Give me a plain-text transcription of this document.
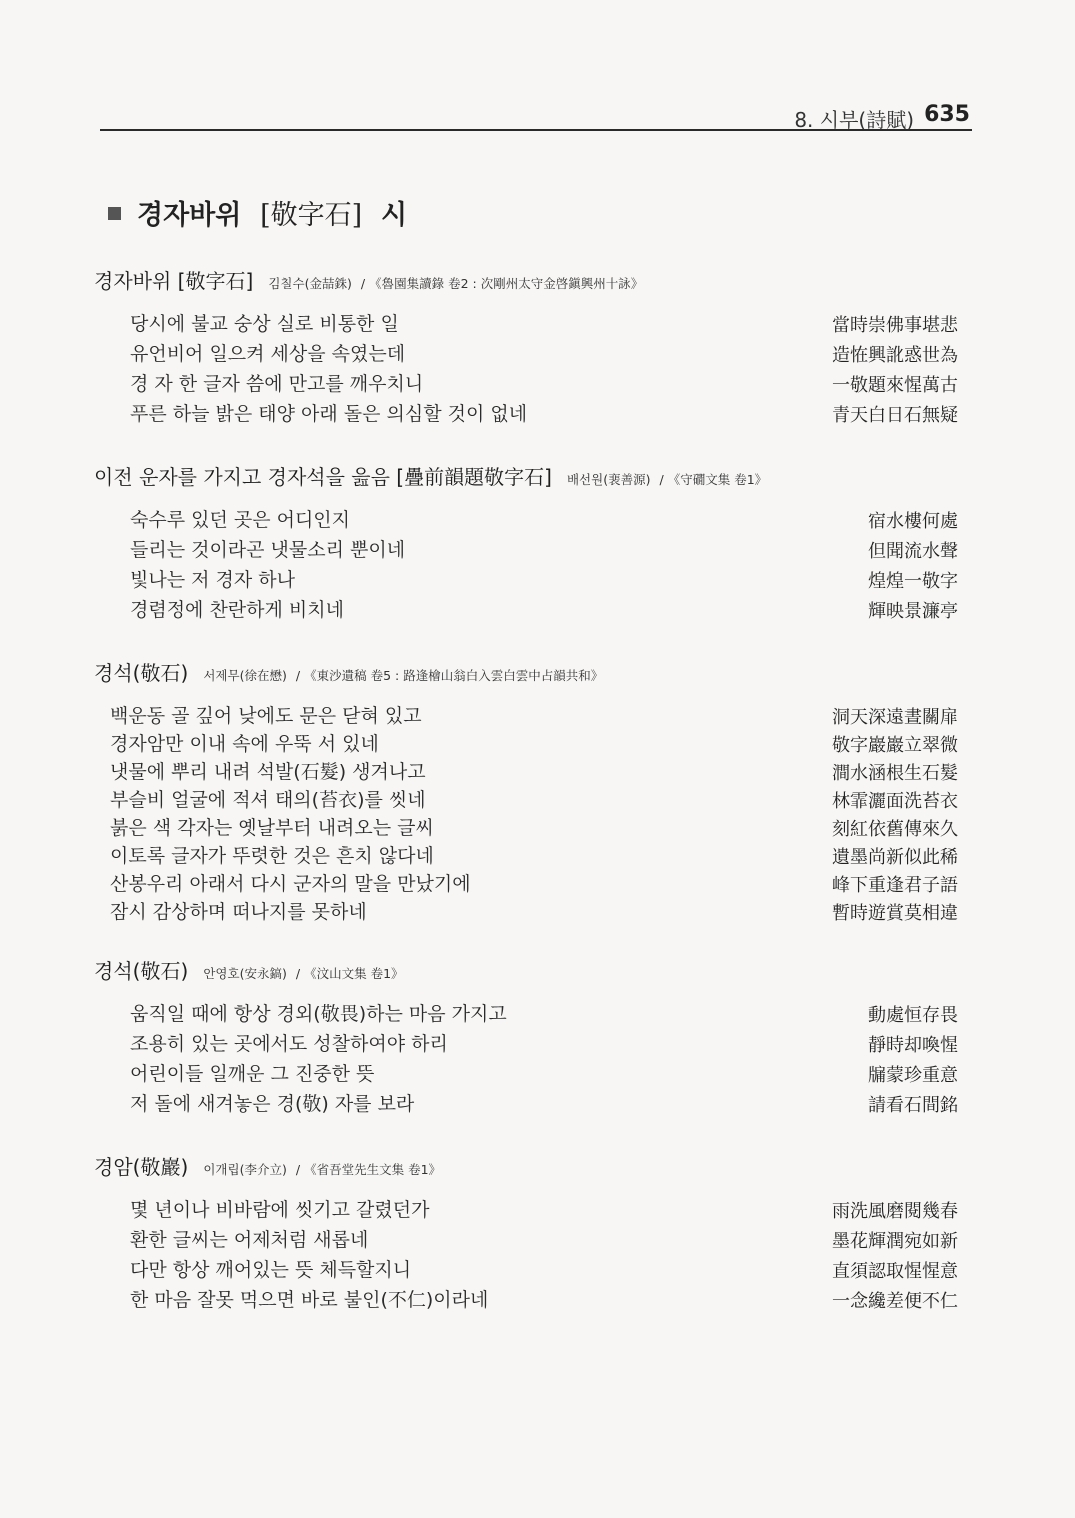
8. 시부(詩賦) 635
경자바위 [敬字石] 시
경자바위 [敬字石] 김칠수(金喆銖) / 《魯園集讀錄 卷2 : 次剛州太守金啓鎭興州十詠》
당시에 불교 숭상 실로 비통한 일	當時崇佛事堪悲
유언비어 일으켜 세상을 속였는데	造恠興訛惑世為
경 자 한 글자 씀에 만고를 깨우치니	一敬題來惺萬古
푸른 하늘 밝은 태양 아래 돌은 의심할 것이 없네	青天白日石無疑
이전 운자를 가지고 경자석을 읊음 [疊前韻題敬字石] 배선원(裵善源) / 《守礀文集 卷1》
숙수루 있던 곳은 어디인지	宿水樓何處
들리는 것이라곤 냇물소리 뿐이네	但聞流水聲
빛나는 저 경자 하나	煌煌一敬字
경렴정에 찬란하게 비치네	輝映景濂亭
경석(敬石) 서제무(徐在懋) / 《東沙遺稿 卷5 : 路逢檜山翁白入雲白雲中占韻共和》
백운동 골 깊어 낮에도 문은 닫혀 있고	洞天深遠晝關扉
경자암만 이내 속에 우뚝 서 있네	敬字巖巖立翠微
냇물에 뿌리 내려 석발(石髮) 생겨나고	澗水涵根生石髮
부슬비 얼굴에 적셔 태의(苔衣)를 씻네	林霏灑面洗苔衣
붉은 색 각자는 옛날부터 내려오는 글씨	刻紅依舊傳來久
이토록 글자가 뚜렷한 것은 흔치 않다네	遺墨尚新似此稀
산봉우리 아래서 다시 군자의 말을 만났기에	峰下重逢君子語
잠시 감상하며 떠나지를 못하네	暫時遊賞莫相違
경석(敬石) 안영호(安永鎬) / 《汶山文集 卷1》
움직일 때에 항상 경외(敬畏)하는 마음 가지고	動處恒存畏
조용히 있는 곳에서도 성찰하여야 하리	靜時却喚惺
어린이들 일깨운 그 진중한 뜻	牖蒙珍重意
저 돌에 새겨놓은 경(敬) 자를 보라	請看石間銘
경암(敬巖) 이개립(李介立) / 《省吾堂先生文集 卷1》
몇 년이나 비바람에 씻기고 갈렸던가	雨洗風磨閱幾春
환한 글씨는 어제처럼 새롭네	墨花輝潤宛如新
다만 항상 깨어있는 뜻 체득할지니	直須認取惺惺意
한 마음 잘못 먹으면 바로 불인(不仁)이라네	一念纔差便不仁
